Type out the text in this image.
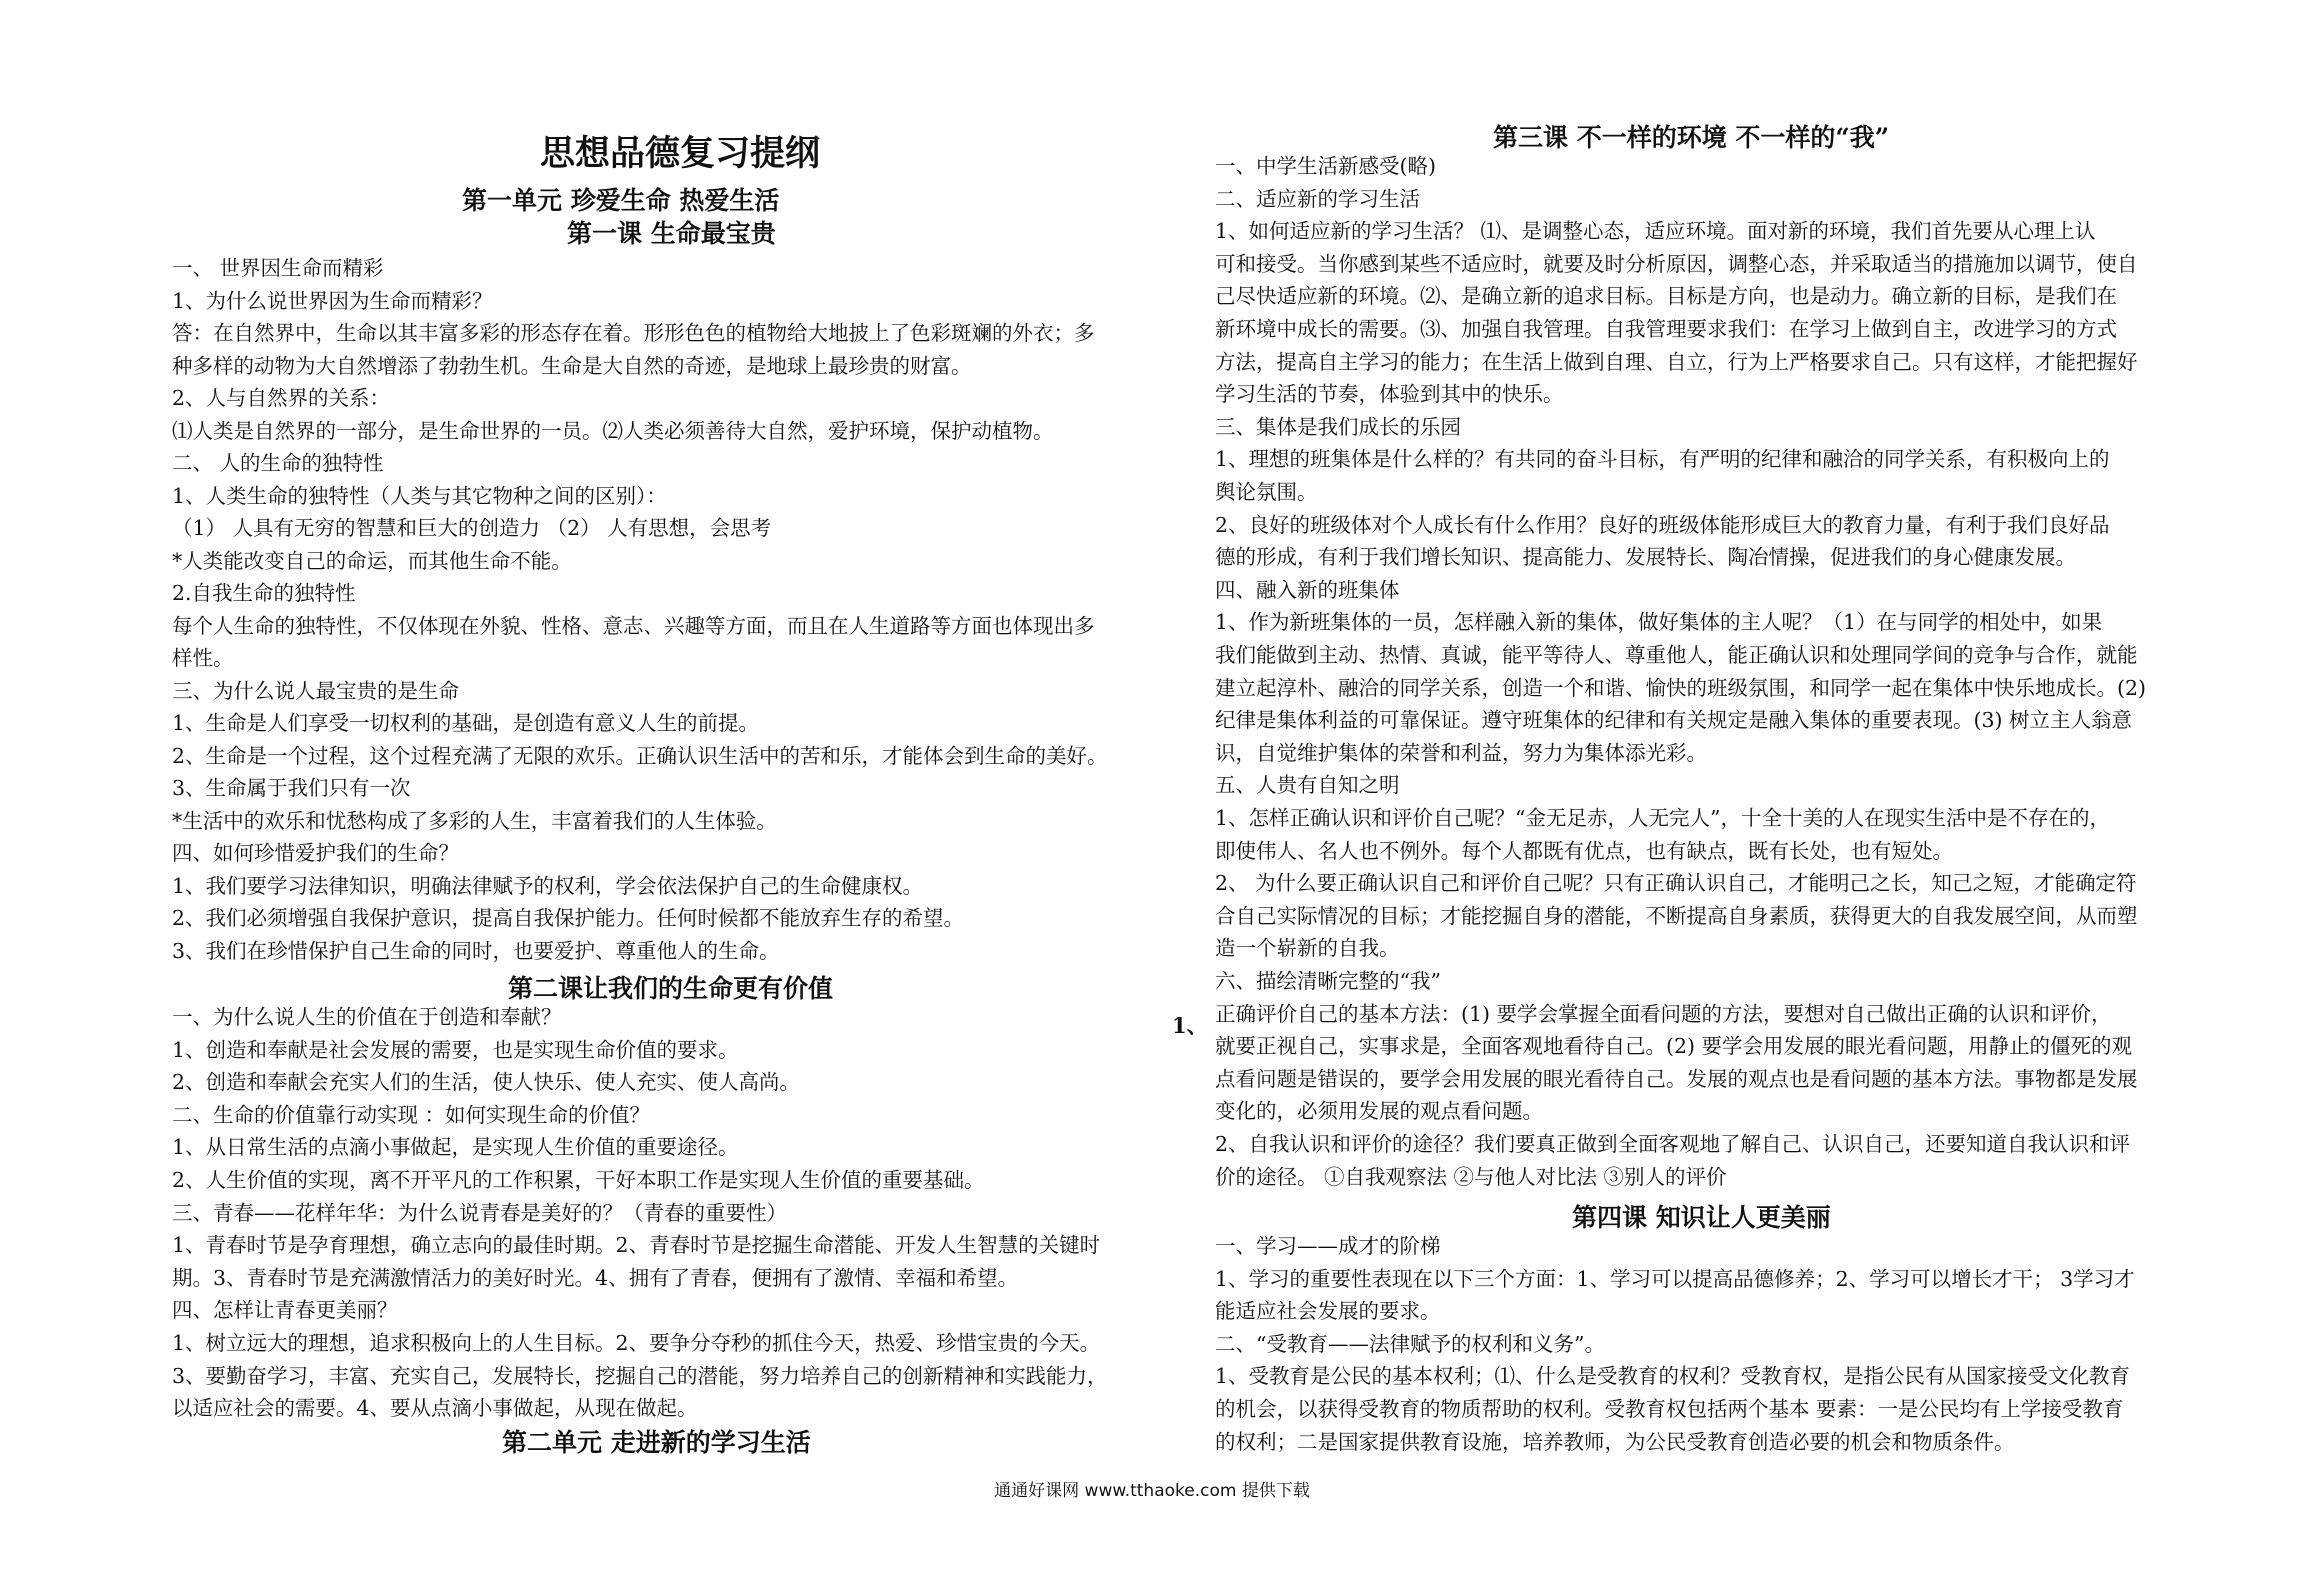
思想品德复习提纲
第一单元 珍爱生命 热爱生活
第一课 生命最宝贵
一、 世界因生命而精彩
1、为什么说世界因为生命而精彩？
答：在自然界中，生命以其丰富多彩的形态存在着。形形色色的植物给大地披上了色彩斑斓的外衣；多
种多样的动物为大自然增添了勃勃生机。生命是大自然的奇迹，是地球上最珍贵的财富。
2、人与自然界的关系：
⑴人类是自然界的一部分，是生命世界的一员。⑵人类必须善待大自然，爱护环境，保护动植物。
二、 人的生命的独特性
1、人类生命的独特性（人类与其它物种之间的区别）：
（1） 人具有无穷的智慧和巨大的创造力 （2） 人有思想，会思考
*人类能改变自己的命运，而其他生命不能。
2.自我生命的独特性
每个人生命的独特性，不仅体现在外貌、性格、意志、兴趣等方面，而且在人生道路等方面也体现出多
样性。
三、为什么说人最宝贵的是生命
1、生命是人们享受一切权利的基础，是创造有意义人生的前提。
2、生命是一个过程，这个过程充满了无限的欢乐。正确认识生活中的苦和乐，才能体会到生命的美好。
3、生命属于我们只有一次
*生活中的欢乐和忧愁构成了多彩的人生，丰富着我们的人生体验。
四、如何珍惜爱护我们的生命？
1、我们要学习法律知识，明确法律赋予的权利，学会依法保护自己的生命健康权。
2、我们必须增强自我保护意识，提高自我保护能力。任何时候都不能放弃生存的希望。
3、我们在珍惜保护自己生命的同时，也要爱护、尊重他人的生命。
第二课让我们的生命更有价值
一、为什么说人生的价值在于创造和奉献？
1、创造和奉献是社会发展的需要，也是实现生命价值的要求。
2、创造和奉献会充实人们的生活，使人快乐、使人充实、使人高尚。
二、生命的价值靠行动实现 ：如何实现生命的价值？
1、从日常生活的点滴小事做起，是实现人生价值的重要途径。
2、人生价值的实现，离不开平凡的工作积累，干好本职工作是实现人生价值的重要基础。
三、青春——花样年华：为什么说青春是美好的？（青春的重要性）
1、青春时节是孕育理想，确立志向的最佳时期。2、青春时节是挖掘生命潜能、开发人生智慧的关键时
期。3、青春时节是充满激情活力的美好时光。4、拥有了青春，便拥有了激情、幸福和希望。
四、怎样让青春更美丽？
1、树立远大的理想，追求积极向上的人生目标。2、要争分夺秒的抓住今天，热爱、珍惜宝贵的今天。
3、要勤奋学习，丰富、充实自己，发展特长，挖掘自己的潜能，努力培养自己的创新精神和实践能力，
以适应社会的需要。4、要从点滴小事做起，从现在做起。
第二单元 走进新的学习生活
第三课 不一样的环境 不一样的“我”
一、中学生活新感受(略)
二、适应新的学习生活
1、如何适应新的学习生活？ ⑴、是调整心态，适应环境。面对新的环境，我们首先要从心理上认
可和接受。当你感到某些不适应时，就要及时分析原因，调整心态，并采取适当的措施加以调节，使自
己尽快适应新的环境。⑵、是确立新的追求目标。目标是方向，也是动力。确立新的目标，是我们在
新环境中成长的需要。⑶、加强自我管理。自我管理要求我们：在学习上做到自主，改进学习的方式
方法，提高自主学习的能力；在生活上做到自理、自立，行为上严格要求自己。只有这样，才能把握好
学习生活的节奏，体验到其中的快乐。
三、集体是我们成长的乐园
1、理想的班集体是什么样的？有共同的奋斗目标，有严明的纪律和融洽的同学关系，有积极向上的
舆论氛围。
2、良好的班级体对个人成长有什么作用？良好的班级体能形成巨大的教育力量，有利于我们良好品
德的形成，有利于我们增长知识、提高能力、发展特长、陶冶情操，促进我们的身心健康发展。
四、融入新的班集体
1、作为新班集体的一员，怎样融入新的集体，做好集体的主人呢？（1）在与同学的相处中，如果
我们能做到主动、热情、真诚，能平等待人、尊重他人，能正确认识和处理同学间的竞争与合作，就能
建立起淳朴、融洽的同学关系，创造一个和谐、愉快的班级氛围，和同学一起在集体中快乐地成长。(2)
纪律是集体利益的可靠保证。遵守班集体的纪律和有关规定是融入集体的重要表现。(3) 树立主人翁意
识，自觉维护集体的荣誉和利益，努力为集体添光彩。
五、人贵有自知之明
1、怎样正确认识和评价自己呢？“金无足赤，人无完人”，十全十美的人在现实生活中是不存在的，
即使伟人、名人也不例外。每个人都既有优点，也有缺点，既有长处，也有短处。
2、 为什么要正确认识自己和评价自己呢？只有正确认识自己，才能明己之长，知己之短，才能确定符
合自己实际情况的目标；才能挖掘自身的潜能，不断提高自身素质，获得更大的自我发展空间，从而塑
造一个崭新的自我。
六、描绘清晰完整的“我”
正确评价自己的基本方法：(1) 要学会掌握全面看问题的方法，要想对自己做出正确的认识和评价，
就要正视自己，实事求是，全面客观地看待自己。(2) 要学会用发展的眼光看问题，用静止的僵死的观
点看问题是错误的，要学会用发展的眼光看待自己。发展的观点也是看问题的基本方法。事物都是发展
变化的，必须用发展的观点看问题。
2、自我认识和评价的途径？我们要真正做到全面客观地了解自己、认识自己，还要知道自我认识和评
价的途径。 ①自我观察法 ②与他人对比法 ③别人的评价
第四课 知识让人更美丽
一、学习——成才的阶梯
1、学习的重要性表现在以下三个方面：1、学习可以提高品德修养；2、学习可以增长才干； 3学习才
能适应社会发展的要求。
二、“受教育——法律赋予的权利和义务”。
1、受教育是公民的基本权利；⑴、什么是受教育的权利？受教育权，是指公民有从国家接受文化教育
的机会，以获得受教育的物质帮助的权利。受教育权包括两个基本 要素：一是公民均有上学接受教育
的权利；二是国家提供教育设施，培养教师，为公民受教育创造必要的机会和物质条件。
1、
通通好课网 www.tthaoke.com 提供下载
